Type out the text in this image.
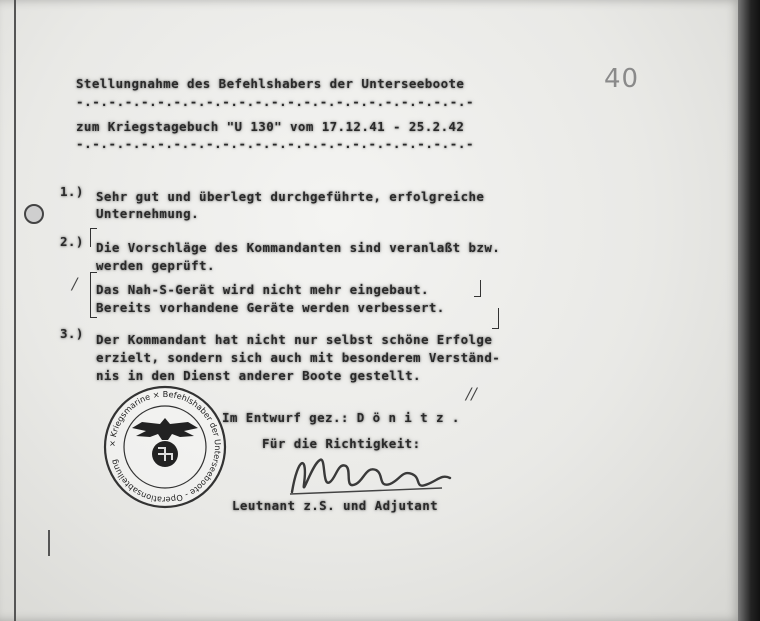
40
Stellungnahme des Befehlshabers der Unterseeboote
-.-.-.-.-.-.-.-.-.-.-.-.-.-.-.-.-.-.-.-.-.-.-.-.-
zum Kriegstagebuch "U 130" vom 17.12.41 - 25.2.42
-.-.-.-.-.-.-.-.-.-.-.-.-.-.-.-.-.-.-.-.-.-.-.-.-
1.) Sehr gut und überlegt durchgeführte, erfolgreiche
Unternehmung.
2.) Die Vorschläge des Kommandanten sind veranlaßt bzw.
werden geprüft.
Das Nah-S-Gerät wird nicht mehr eingebaut.
Bereits vorhandene Geräte werden verbessert.
/
3.) Der Kommandant hat nicht nur selbst schöne Erfolge
erzielt, sondern sich auch mit besonderem Verständ-
nis in den Dienst anderer Boote gestellt.
//
Im Entwurf gez.: D ö n i t z .
Für die Richtigkeit:
Leutnant z.S. und Adjutant
× Kriegsmarine × Befehlshaber der Unterseeboote - Operationsabteilung
